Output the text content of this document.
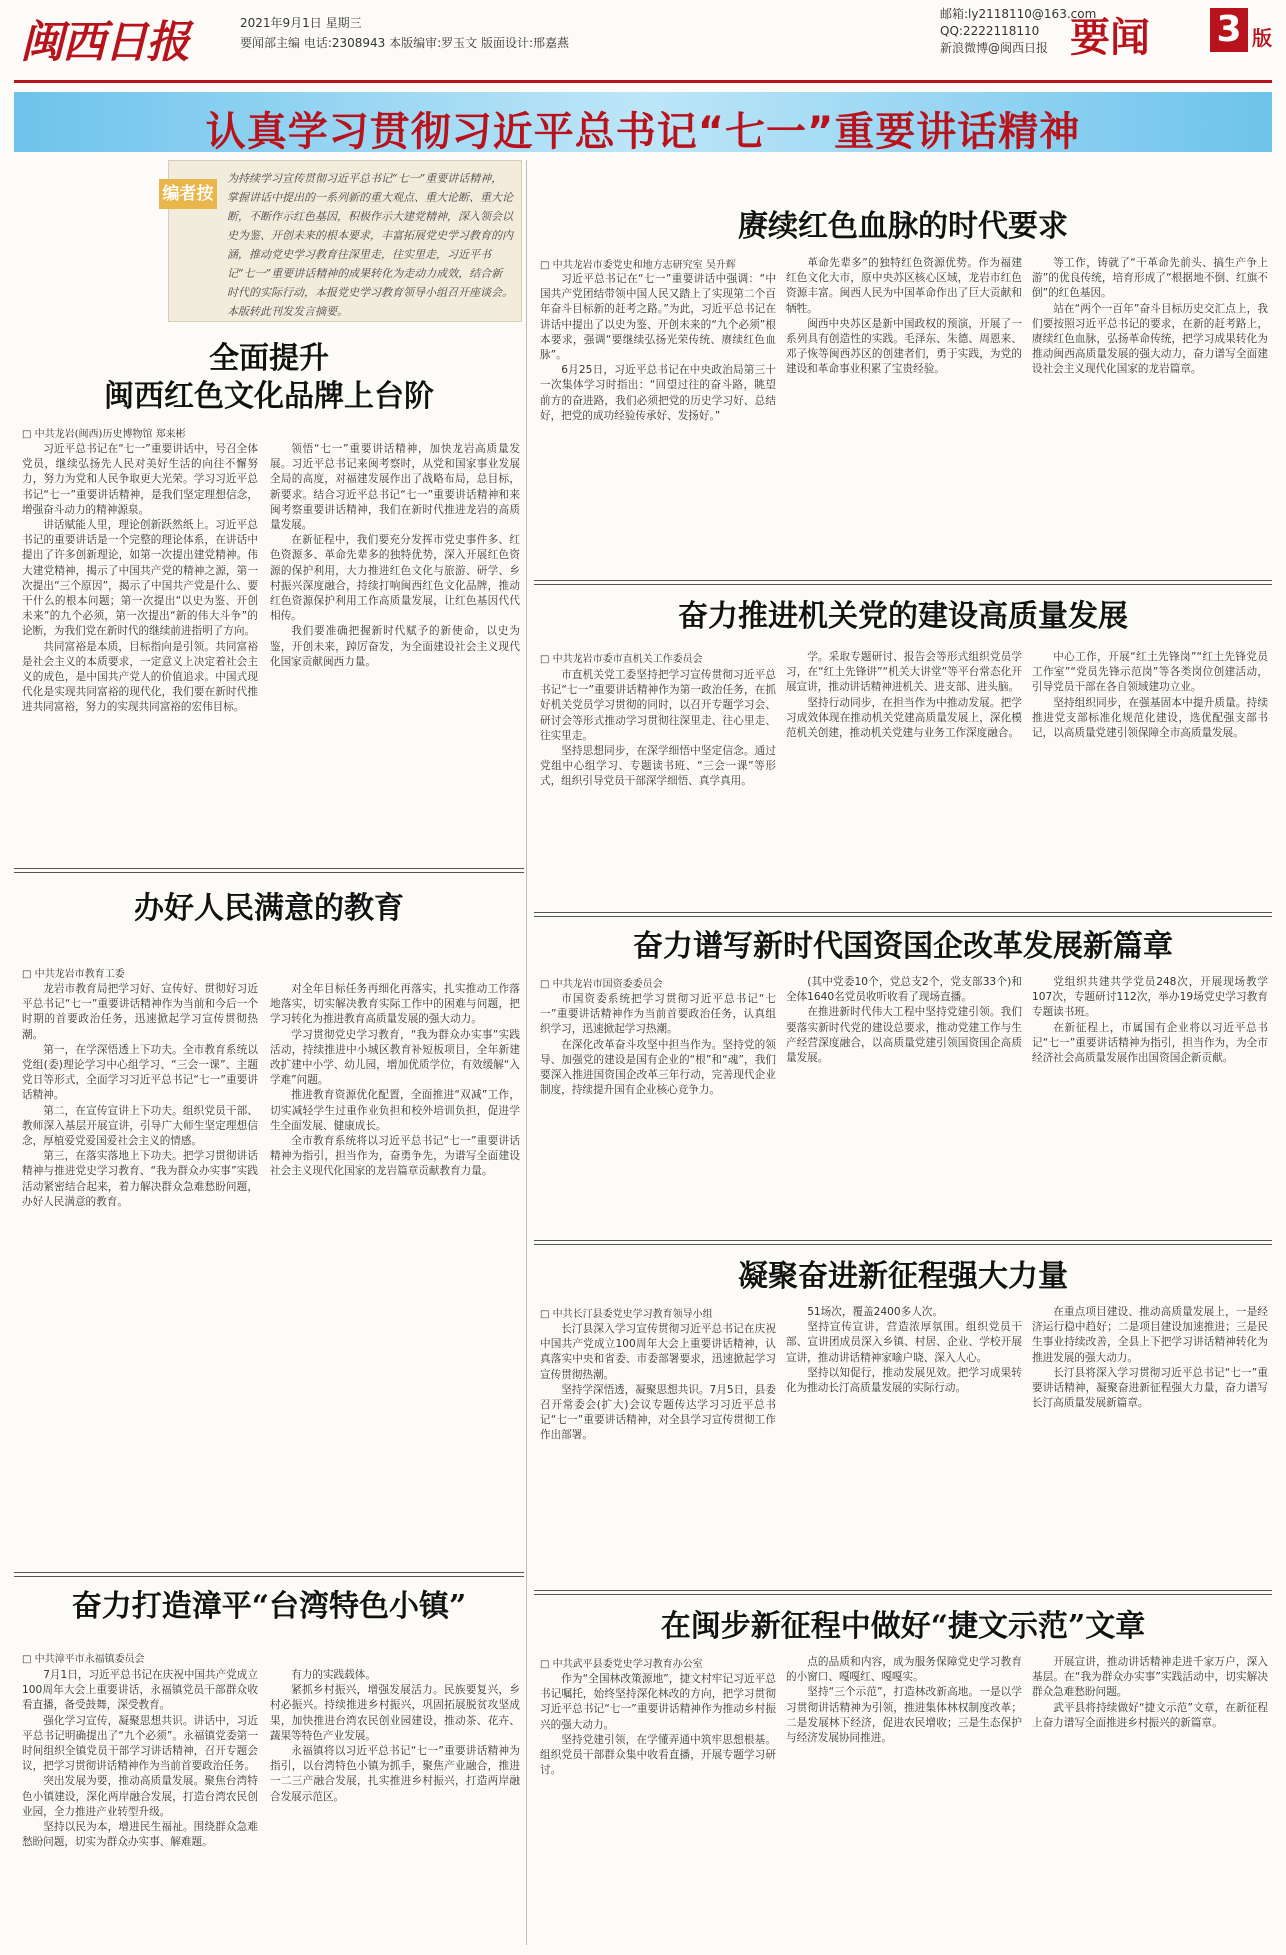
闽西日报	2021年9月1日 星期三
要闻部主编 电话:2308943 本版编审:罗玉文 版面设计:邢嘉燕
邮箱:ly2118110@163.com
QQ:2222118110
新浪微博@闽西日报 要闻 3 版
认真学习贯彻习近平总书记“七一”重要讲话精神
编者按
为持续学习宣传贯彻习近平总书记“七一”重要讲话精神，掌握讲话中提出的一系列新的重大观点、重大论断、重大论断，不断作示红色基因，积极作示大建党精神，深入领会以史为鉴、开创未来的根本要求，丰富拓展党史学习教育的内涵，推动党史学习教育往深里走，往实里走，习近平书记“七一”重要讲话精神的成果转化为走动力成效，结合新时代的实际行动，本报党史学习教育领导小组召开座谈会。本版转此刊发发言摘要。
全面提升
闽西红色文化品牌上台阶
□ 中共龙岩(闽西)历史博物馆 郑来彬

习近平总书记在“七一”重要讲话中，号召全体党员，继续弘扬先人民对美好生活的向往不懈努力，努力为党和人民争取更大光荣。学习习近平总书记“七一”重要讲话精神，是我们坚定理想信念，增强奋斗动力的精神源泉。

讲话赋能人里，理论创新跃然纸上。习近平总书记的重要讲话是一个完整的理论体系，在讲话中提出了许多创新理论，如第一次提出建党精神。伟大建党精神，揭示了中国共产党的精神之源，第一次提出“三个原因”，揭示了中国共产党是什么、要干什么的根本问题；第一次提出“以史为鉴、开创未来”的九个必须，第一次提出“新的伟大斗争”的论断，为我们党在新时代的继续前进指明了方向。

共同富裕是本质，目标指向是引领。共同富裕是社会主义的本质要求，一定意义上决定着社会主义的成色，是中国共产党人的价值追求。中国式现代化是实现共同富裕的现代化，我们要在新时代推进共同富裕，努力的实现共同富裕的宏伟目标。

领悟“七一”重要讲话精神，加快龙岩高质量发展。习近平总书记来闽考察时，从党和国家事业发展全局的高度，对福建发展作出了战略布局，总目标，新要求。结合习近平总书记“七一”重要讲话精神和来闽考察重要讲话精神，我们在新时代推进龙岩的高质量发展。

在新征程中，我们要充分发挥市党史事件多、红色资源多、革命先辈多的独特优势，深入开展红色资源的保护利用，大力推进红色文化与旅游、研学、乡村振兴深度融合，持续打响闽西红色文化品牌，推动红色资源保护利用工作高质量发展，让红色基因代代相传。

我们要准确把握新时代赋予的新使命，以史为鉴，开创未来，踔厉奋发，为全面建设社会主义现代化国家贡献闽西力量。

办好人民满意的教育
□ 中共龙岩市教育工委

龙岩市教育局把学习好、宣传好、贯彻好习近平总书记“七一”重要讲话精神作为当前和今后一个时期的首要政治任务，迅速掀起学习宣传贯彻热潮。

第一，在学深悟透上下功夫。全市教育系统以党组(委)理论学习中心组学习、“三会一课”、主题党日等形式，全面学习习近平总书记“七一”重要讲话精神。

第二，在宣传宣讲上下功夫。组织党员干部、教师深入基层开展宣讲，引导广大师生坚定理想信念，厚植爱党爱国爱社会主义的情感。

第三，在落实落地上下功夫。把学习贯彻讲话精神与推进党史学习教育、“我为群众办实事”实践活动紧密结合起来，着力解决群众急难愁盼问题，办好人民满意的教育。

对全年目标任务再细化再落实，扎实推动工作落地落实，切实解决教育实际工作中的困难与问题，把学习转化为推进教育高质量发展的强大动力。

学习贯彻党史学习教育，“我为群众办实事”实践活动，持续推进中小城区教育补短板项目，全年新建改扩建中小学、幼儿园，增加优质学位，有效缓解“入学难”问题。

推进教育资源优化配置，全面推进“双减”工作，切实减轻学生过重作业负担和校外培训负担，促进学生全面发展、健康成长。

全市教育系统将以习近平总书记“七一”重要讲话精神为指引，担当作为，奋勇争先，为谱写全面建设社会主义现代化国家的龙岩篇章贡献教育力量。

奋力打造漳平“台湾特色小镇”
□ 中共漳平市永福镇委员会

7月1日，习近平总书记在庆祝中国共产党成立100周年大会上重要讲话，永福镇党员干部群众收看直播，备受鼓舞，深受教育。

强化学习宣传，凝聚思想共识。讲话中，习近平总书记明确提出了“九个必须”。永福镇党委第一时间组织全镇党员干部学习讲话精神，召开专题会议，把学习贯彻讲话精神作为当前首要政治任务。

突出发展为要，推动高质量发展。聚焦台湾特色小镇建设，深化两岸融合发展，打造台湾农民创业园，全力推进产业转型升级。

坚持以民为本，增进民生福祉。围绕群众急难愁盼问题，切实为群众办实事、解难题。

有力的实践载体。

紧抓乡村振兴，增强发展活力。民族要复兴，乡村必振兴。持续推进乡村振兴，巩固拓展脱贫攻坚成果，加快推进台湾农民创业园建设，推动茶、花卉、蔬果等特色产业发展。

永福镇将以习近平总书记“七一”重要讲话精神为指引，以台湾特色小镇为抓手，聚焦产业融合，推进一二三产融合发展，扎实推进乡村振兴，打造两岸融合发展示范区。

赓续红色血脉的时代要求
□ 中共龙岩市委党史和地方志研究室 吴升辉

习近平总书记在“七一”重要讲话中强调：“中国共产党团结带领中国人民又踏上了实现第二个百年奋斗目标新的赶考之路。”为此，习近平总书记在讲话中提出了以史为鉴、开创未来的“九个必须”根本要求，强调“要继续弘扬光荣传统、赓续红色血脉”。

6月25日，习近平总书记在中央政治局第三十一次集体学习时指出：“回望过往的奋斗路，眺望前方的奋进路，我们必须把党的历史学习好、总结好，把党的成功经验传承好、发扬好。”

革命先辈多”的独特红色资源优势。作为福建红色文化大市，原中央苏区核心区域，龙岩市红色资源丰富。闽西人民为中国革命作出了巨大贡献和牺牲。

闽西中央苏区是新中国政权的预演，开展了一系列具有创造性的实践。毛泽东、朱德、周恩来、邓子恢等闽西苏区的创建者们，勇于实践，为党的建设和革命事业积累了宝贵经验。

等工作，铸就了“干革命先前头、搞生产争上游”的优良传统，培育形成了“根据地不倒、红旗不倒”的红色基因。

站在“两个一百年”奋斗目标历史交汇点上，我们要按照习近平总书记的要求，在新的赶考路上，赓续红色血脉，弘扬革命传统，把学习成果转化为推动闽西高质量发展的强大动力，奋力谱写全面建设社会主义现代化国家的龙岩篇章。

奋力推进机关党的建设高质量发展
□ 中共龙岩市委市直机关工作委员会

市直机关党工委坚持把学习宣传贯彻习近平总书记“七一”重要讲话精神作为第一政治任务，在抓好机关党员学习贯彻的同时，以召开专题学习会、研讨会等形式推动学习贯彻往深里走、往心里走、往实里走。

坚持思想同步，在深学细悟中坚定信念。通过党组中心组学习、专题读书班、“三会一课”等形式，组织引导党员干部深学细悟、真学真用。

学。采取专题研讨、报告会等形式组织党员学习，在“红土先锋讲”“机关大讲堂”等平台常态化开展宣讲，推动讲话精神进机关、进支部、进头脑。

坚持行动同步，在担当作为中推动发展。把学习成效体现在推动机关党建高质量发展上，深化模范机关创建，推动机关党建与业务工作深度融合。

中心工作，开展“红土先锋岗”“红土先锋党员工作室”“党员先锋示范岗”等各类岗位创建活动，引导党员干部在各自领域建功立业。

坚持组织同步，在强基固本中提升质量。持续推进党支部标准化规范化建设，选优配强支部书记，以高质量党建引领保障全市高质量发展。

奋力谱写新时代国资国企改革发展新篇章
□ 中共龙岩市国资委委员会

市国资委系统把学习贯彻习近平总书记“七一”重要讲话精神作为当前首要政治任务，认真组织学习，迅速掀起学习热潮。

在深化改革奋斗攻坚中担当作为。坚持党的领导、加强党的建设是国有企业的“根”和“魂”，我们要深入推进国资国企改革三年行动，完善现代企业制度，持续提升国有企业核心竞争力。

(其中党委10个，党总支2个，党支部33个)和全体1640名党员收听收看了现场直播。

在推进新时代伟大工程中坚持党建引领。我们要落实新时代党的建设总要求，推动党建工作与生产经营深度融合，以高质量党建引领国资国企高质量发展。

党组织共建共学党员248次，开展现场教学107次，专题研讨112次，举办19场党史学习教育专题读书班。

在新征程上，市属国有企业将以习近平总书记“七一”重要讲话精神为指引，担当作为，为全市经济社会高质量发展作出国资国企新贡献。

凝聚奋进新征程强大力量
□ 中共长汀县委党史学习教育领导小组

长汀县深入学习宣传贯彻习近平总书记在庆祝中国共产党成立100周年大会上重要讲话精神，认真落实中央和省委、市委部署要求，迅速掀起学习宣传贯彻热潮。

坚持学深悟透，凝聚思想共识。7月5日，县委召开常委会(扩大)会议专题传达学习习近平总书记“七一”重要讲话精神，对全县学习宣传贯彻工作作出部署。

51场次，覆盖2400多人次。

坚持宣传宣讲，营造浓厚氛围。组织党员干部、宣讲团成员深入乡镇、村居、企业、学校开展宣讲，推动讲话精神家喻户晓、深入人心。

坚持以知促行，推动发展见效。把学习成果转化为推动长汀高质量发展的实际行动。

在重点项目建设、推动高质量发展上，一是经济运行稳中趋好；二是项目建设加速推进；三是民生事业持续改善，全县上下把学习讲话精神转化为推进发展的强大动力。

长汀县将深入学习贯彻习近平总书记“七一”重要讲话精神，凝聚奋进新征程强大力量，奋力谱写长汀高质量发展新篇章。

在闽步新征程中做好“捷文示范”文章
□ 中共武平县委党史学习教育办公室

作为“全国林改策源地”，捷文村牢记习近平总书记嘱托，始终坚持深化林改的方向，把学习贯彻习近平总书记“七一”重要讲话精神作为推动乡村振兴的强大动力。

坚持党建引领，在学懂弄通中筑牢思想根基。组织党员干部群众集中收看直播，开展专题学习研讨。

点的品质和内容，成为服务保障党史学习教育的小窗口、嘎嘎红、嘎嘎实。

坚持“三个示范”，打造林改新高地。一是以学习贯彻讲话精神为引领，推进集体林权制度改革；二是发展林下经济，促进农民增收；三是生态保护与经济发展协同推进。

开展宣讲，推动讲话精神走进千家万户，深入基层。在“我为群众办实事”实践活动中，切实解决群众急难愁盼问题。

武平县将持续做好“捷文示范”文章，在新征程上奋力谱写全面推进乡村振兴的新篇章。
